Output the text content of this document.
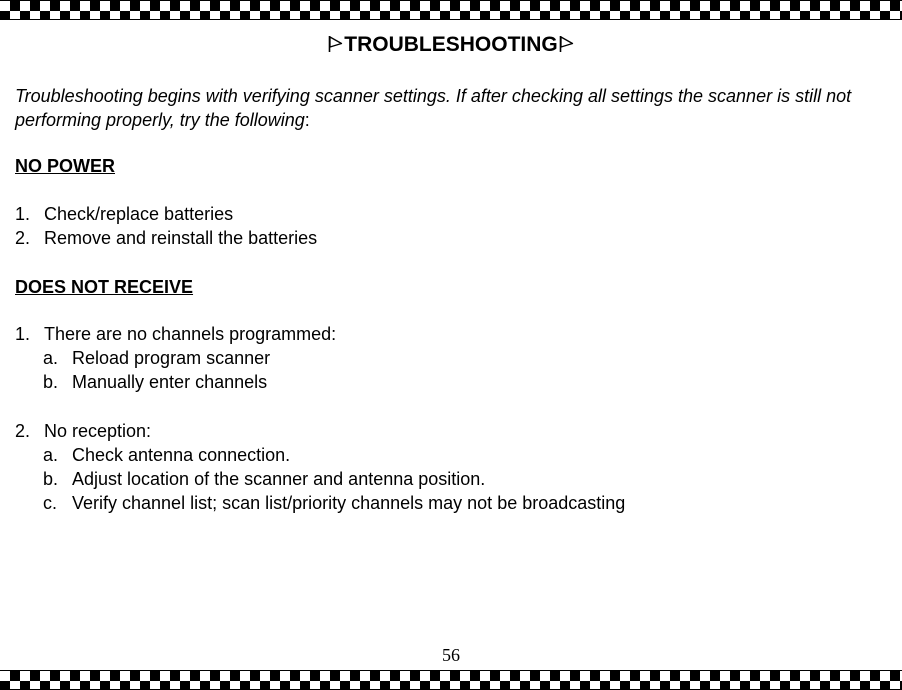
TROUBLESHOOTING

Troubleshooting begins with verifying scanner settings. If after checking all settings the scanner is still not performing properly, try the following:

NO POWER
1. Check/replace batteries
2. Remove and reinstall the batteries
DOES NOT RECEIVE
1. There are no channels programmed:
a. Reload program scanner
b. Manually enter channels
2. No reception:
a. Check antenna connection.
b. Adjust location of the scanner and antenna position.
c. Verify channel list; scan list/priority channels may not be broadcasting
56
